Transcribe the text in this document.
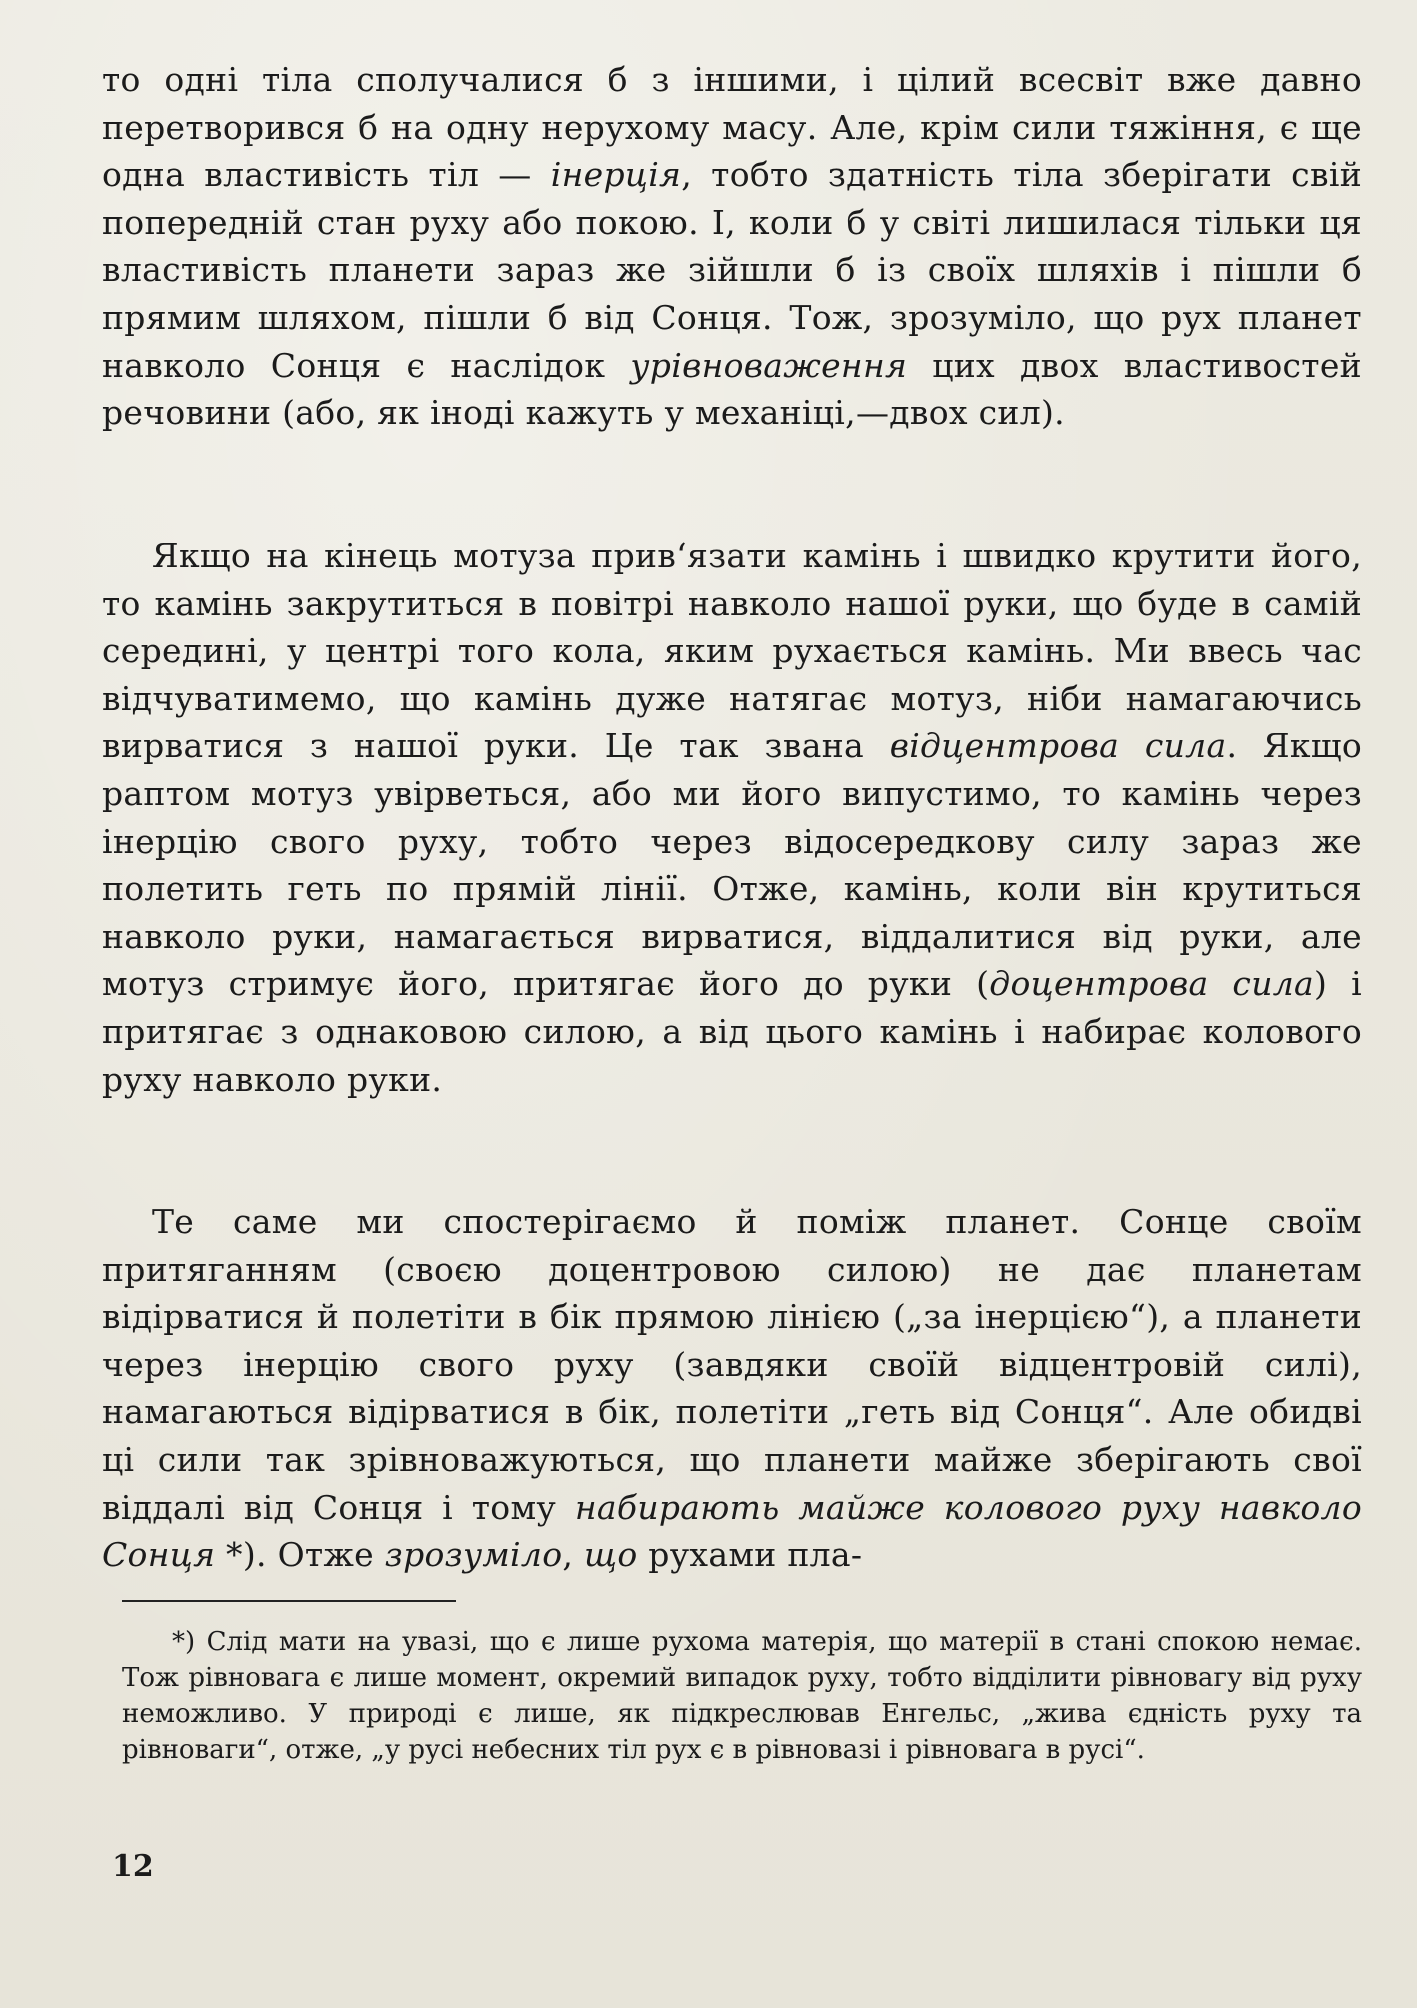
то одні тіла сполучалися б з іншими, і цілий всесвіт вже давно перетворився б на одну нерухому масу. Але, крім сили тяжіння, є ще одна властивість тіл — інерція, тобто здатність тіла зберігати свій попередній стан руху або покою. І, коли б у світі лишилася тільки ця властивість планети зараз же зійшли б із своїх шляхів і пішли б прямим шляхом, пішли б від Сонця. Тож, зрозуміло, що рух планет навколо Сонця є наслідок урівноваження цих двох властивостей речовини (або, як іноді кажуть у механіці,—двох сил).

Якщо на кінець мотуза прив‘язати камінь і швидко крутити його, то камінь закрутиться в повітрі навколо нашої руки, що буде в самій середині, у центрі того кола, яким рухається камінь. Ми ввесь час відчуватимемо, що камінь дуже натягає мотуз, ніби намагаючись вирватися з нашої руки. Це так звана відцентрова сила. Якщо раптом мотуз увірветься, або ми його випустимо, то камінь через інерцію свого руху, тобто через відосередкову силу зараз же полетить геть по прямій лінії. Отже, камінь, коли він крутиться навколо руки, намагається вирватися, віддалитися від руки, але мотуз стримує його, притягає його до руки (доцентрова сила) і притягає з однаковою силою, а від цього камінь і набирає колового руху навколо руки.

Те саме ми спостерігаємо й поміж планет. Сонце своїм притяганням (своєю доцентровою силою) не дає планетам відірватися й полетіти в бік прямою лінією („за інерцією“), а планети через інерцію свого руху (завдяки своїй відцентровій силі), намагаються відірватися в бік, полетіти „геть від Сонця“. Але обидві ці сили так зрівноважуються, що планети майже зберігають свої віддалі від Сонця і тому набирають майже колового руху навколо Сонця *). Отже зрозуміло, що рухами пла-

*) Слід мати на увазі, що є лише рухома матерія, що матерії в стані спокою немає. Тож рівновага є лише момент, окремий випадок руху, тобто відділити рівновагу від руху неможливо. У природі є лише, як підкреслював Енгельс, „жива єдність руху та рівноваги“, отже, „у русі небесних тіл рух є в рівновазі і рівновага в русі“.

12
